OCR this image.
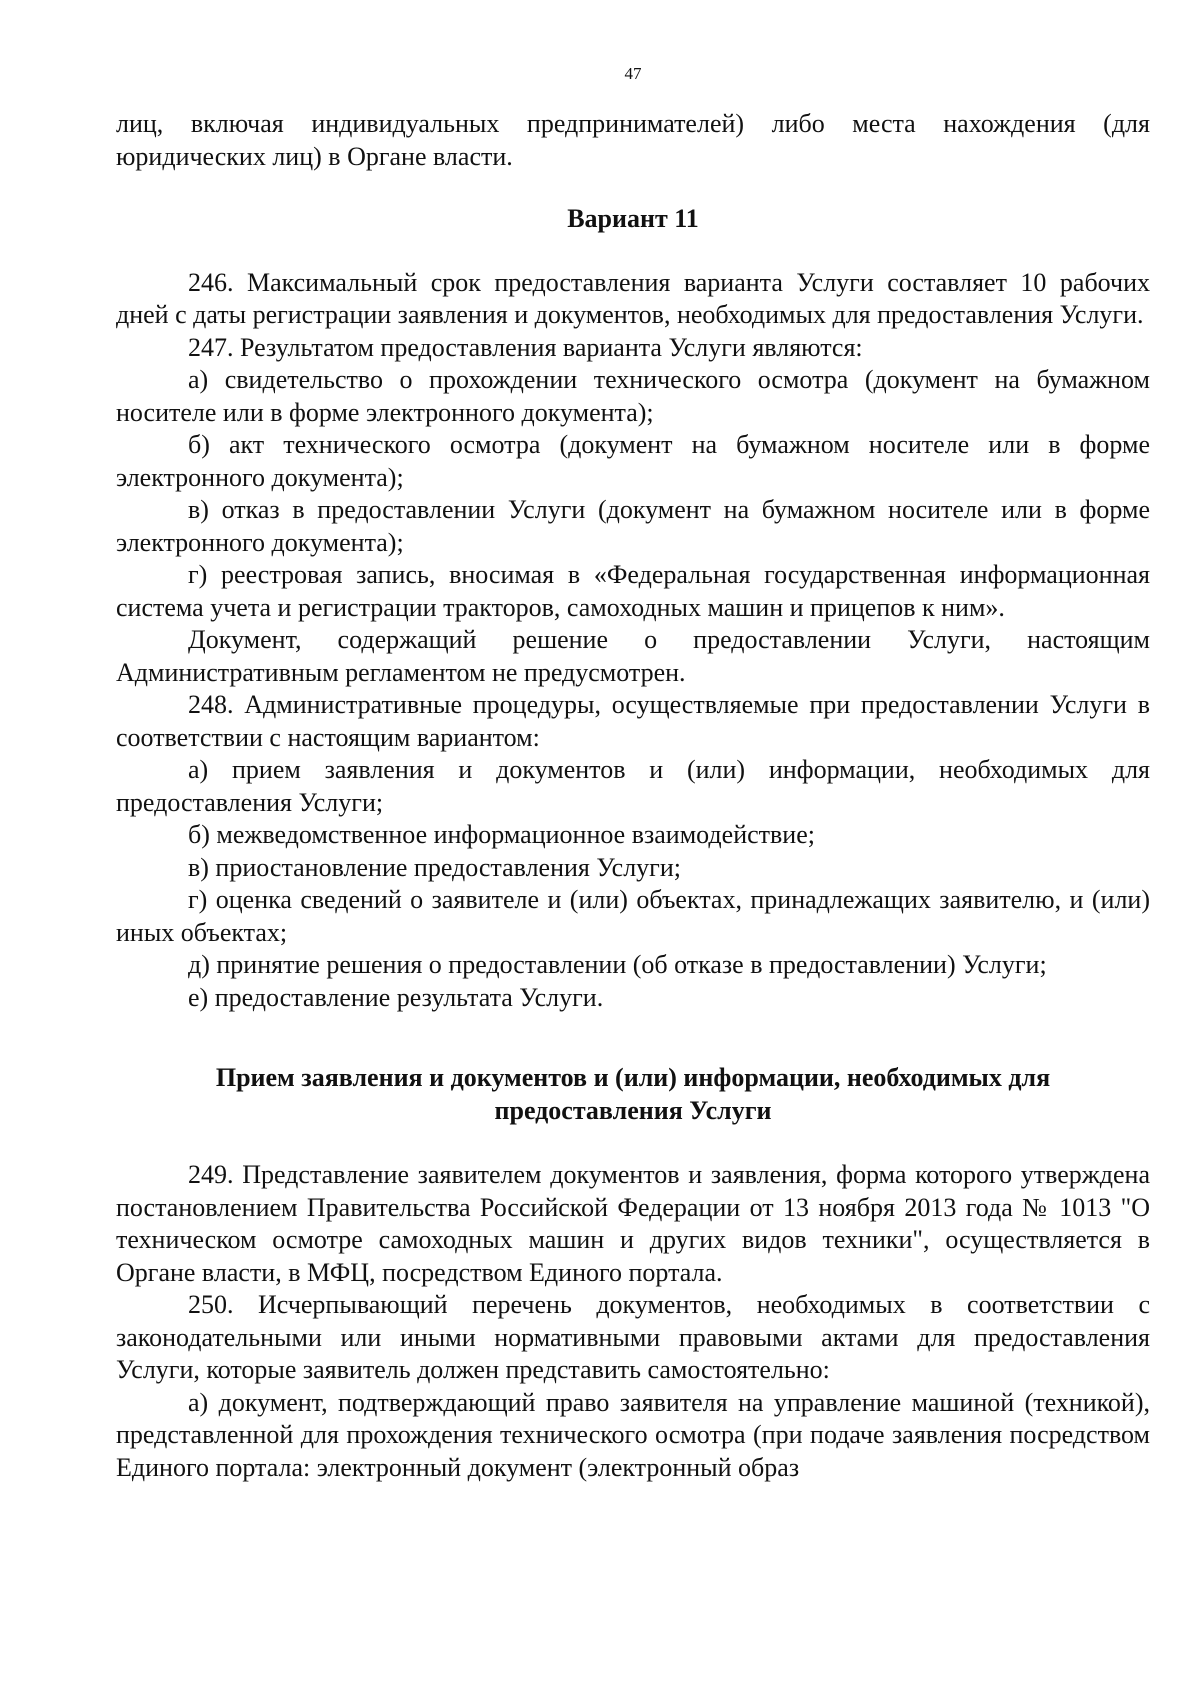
47

лиц, включая индивидуальных предпринимателей) либо места нахождения (для юридических лиц) в Органе власти.

Вариант 11

246. Максимальный срок предоставления варианта Услуги составляет 10 рабочих дней с даты регистрации заявления и документов, необходимых для предоставления Услуги.

247. Результатом предоставления варианта Услуги являются:

а) свидетельство о прохождении технического осмотра (документ на бумажном носителе или в форме электронного документа);

б) акт технического осмотра (документ на бумажном носителе или в форме электронного документа);

в) отказ в предоставлении Услуги (документ на бумажном носителе или в форме электронного документа);

г) реестровая запись, вносимая в «Федеральная государственная информационная система учета и регистрации тракторов, самоходных машин и прицепов к ним».

Документ, содержащий решение о предоставлении Услуги, настоящим Административным регламентом не предусмотрен.

248. Административные процедуры, осуществляемые при предоставлении Услуги в соответствии с настоящим вариантом:

а) прием заявления и документов и (или) информации, необходимых для предоставления Услуги;

б) межведомственное информационное взаимодействие;

в) приостановление предоставления Услуги;

г) оценка сведений о заявителе и (или) объектах, принадлежащих заявителю, и (или) иных объектах;

д) принятие решения о предоставлении (об отказе в предоставлении) Услуги;

е) предоставление результата Услуги.

Прием заявления и документов и (или) информации, необходимых для
предоставления Услуги

249. Представление заявителем документов и заявления, форма которого утверждена постановлением Правительства Российской Федерации от 13 ноября 2013 года № 1013 "О техническом осмотре самоходных машин и других видов техники", осуществляется в Органе власти, в МФЦ, посредством Единого портала.

250. Исчерпывающий перечень документов, необходимых в соответствии с законодательными или иными нормативными правовыми актами для предоставления Услуги, которые заявитель должен представить самостоятельно:

а) документ, подтверждающий право заявителя на управление машиной (техникой), представленной для прохождения технического осмотра (при подаче заявления посредством Единого портала: электронный документ (электронный образ
